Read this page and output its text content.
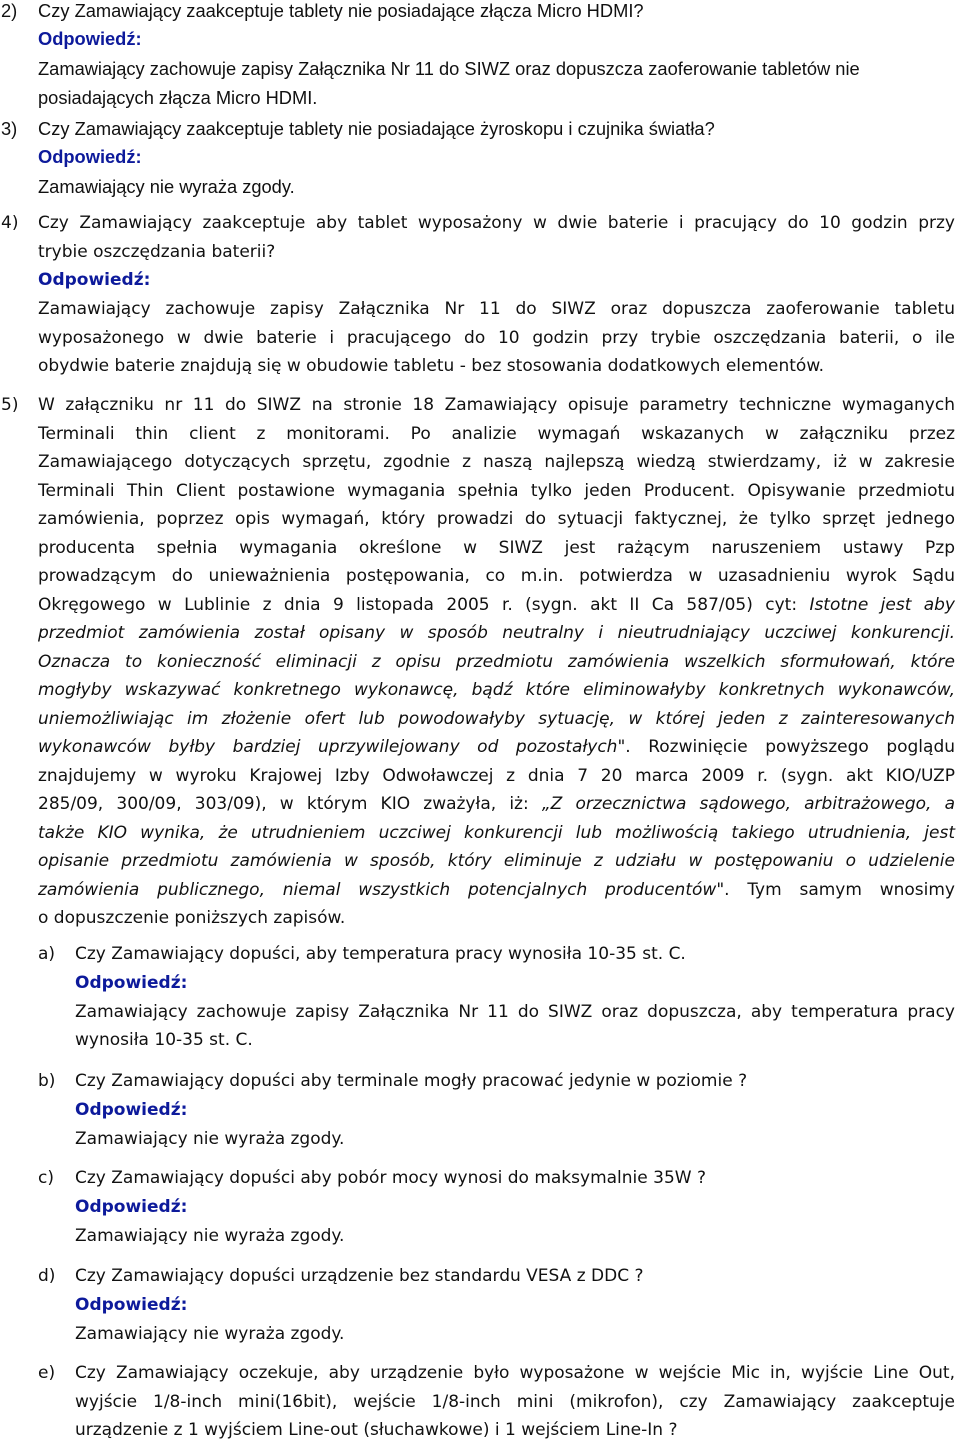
2) Czy Zamawiający zaakceptuje tablety nie posiadające złącza Micro HDMI?

Odpowiedź:

Zamawiający zachowuje zapisy Załącznika Nr 11 do SIWZ oraz dopuszcza zaoferowanie tabletów nie

posiadających złącza Micro HDMI.

3) Czy Zamawiający zaakceptuje tablety nie posiadające żyroskopu i czujnika światła?

Odpowiedź:

Zamawiający nie wyraża zgody.

4) Czy Zamawiający zaakceptuje aby tablet wyposażony w dwie baterie i pracujący do 10 godzin przy
trybie oszczędzania baterii?

Odpowiedź:

Zamawiający zachowuje zapisy Załącznika Nr 11 do SIWZ oraz dopuszcza zaoferowanie tabletu
wyposażonego w dwie baterie i pracującego do 10 godzin przy trybie oszczędzania baterii, o ile
obydwie baterie znajdują się w obudowie tabletu - bez stosowania dodatkowych elementów.
5) W załączniku nr 11 do SIWZ na stronie 18 Zamawiający opisuje parametry techniczne wymaganych
Terminali thin client z monitorami. Po analizie wymagań wskazanych w załączniku przez
Zamawiającego dotyczących sprzętu, zgodnie z naszą najlepszą wiedzą stwierdzamy, iż w zakresie
Terminali Thin Client postawione wymagania spełnia tylko jeden Producent. Opisywanie przedmiotu
zamówienia, poprzez opis wymagań, który prowadzi do sytuacji faktycznej, że tylko sprzęt jednego
producenta spełnia wymagania określone w SIWZ jest rażącym naruszeniem ustawy Pzp
prowadzącym do unieważnienia postępowania, co m.in. potwierdza w uzasadnieniu wyrok Sądu
Okręgowego w Lublinie z dnia 9 listopada 2005 r. (sygn. akt II Ca 587/05) cyt: Istotne jest aby
przedmiot zamówienia został opisany w sposób neutralny i nieutrudniający uczciwej konkurencji.
Oznacza to konieczność eliminacji z opisu przedmiotu zamówienia wszelkich sformułowań, które
mogłyby wskazywać konkretnego wykonawcę, bądź które eliminowałyby konkretnych wykonawców,
uniemożliwiając im złożenie ofert lub powodowałyby sytuację, w której jeden z zainteresowanych
wykonawców byłby bardziej uprzywilejowany od pozostałych". Rozwinięcie powyższego poglądu
znajdujemy w wyroku Krajowej Izby Odwoławczej z dnia 7 20 marca 2009 r. (sygn. akt KIO/UZP
285/09, 300/09, 303/09), w którym KIO zważyła, iż: „Z orzecznictwa sądowego, arbitrażowego, a
także KIO wynika, że utrudnieniem uczciwej konkurencji lub możliwością takiego utrudnienia, jest
opisanie przedmiotu zamówienia w sposób, który eliminuje z udziału w postępowaniu o udzielenie
zamówienia publicznego, niemal wszystkich potencjalnych producentów". Tym samym wnosimy
o dopuszczenie poniższych zapisów.
a) Czy Zamawiający dopuści, aby temperatura pracy wynosiła 10-35 st. C.

Odpowiedź:

Zamawiający zachowuje zapisy Załącznika Nr 11 do SIWZ oraz dopuszcza, aby temperatura pracy
wynosiła 10-35 st. C.
b) Czy Zamawiający dopuści aby terminale mogły pracować jedynie w poziomie ?

Odpowiedź:

Zamawiający nie wyraża zgody.
c) Czy Zamawiający dopuści aby pobór mocy wynosi do maksymalnie 35W ?

Odpowiedź:

Zamawiający nie wyraża zgody.
d) Czy Zamawiający dopuści urządzenie bez standardu VESA z DDC ?

Odpowiedź:

Zamawiający nie wyraża zgody.
e) Czy Zamawiający oczekuje, aby urządzenie było wyposażone w wejście Mic in, wyjście Line Out,
wyjście 1/8-inch mini(16bit), wejście 1/8-inch mini (mikrofon), czy Zamawiający zaakceptuje
urządzenie z 1 wyjściem Line-out (słuchawkowe) i 1 wejściem Line-In ?
